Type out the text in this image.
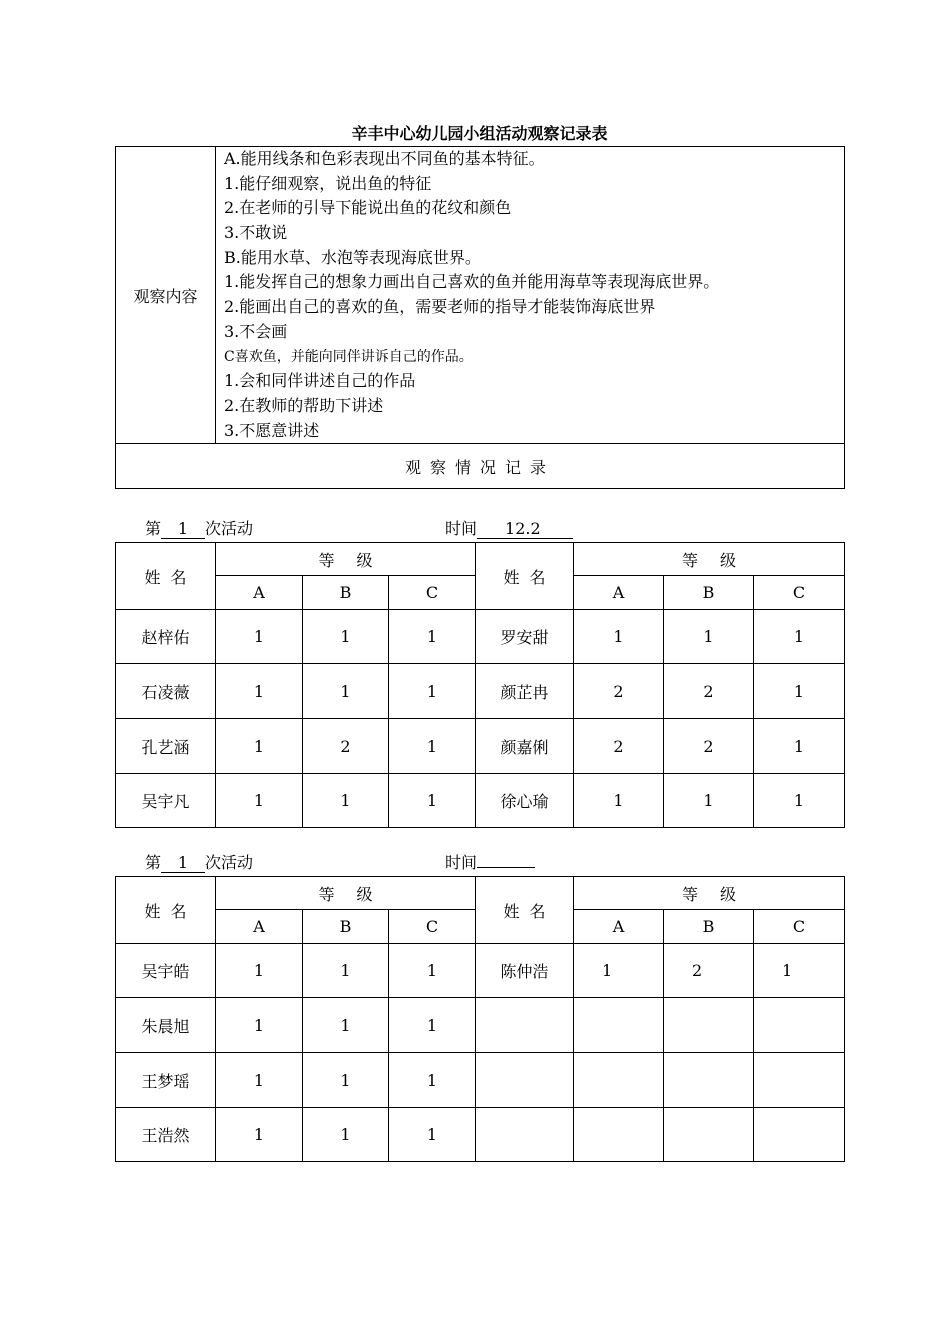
辛丰中心幼儿园小组活动观察记录表
观察内容	
A.能用线条和色彩表现出不同鱼的基本特征。
1.能仔细观察，说出鱼的特征
2.在老师的引导下能说出鱼的花纹和颜色
3.不敢说
B.能用水草、水泡等表现海底世界。
1.能发挥自己的想象力画出自己喜欢的鱼并能用海草等表现海底世界。
2.能画出自己的喜欢的鱼，需要老师的指导才能装饰海底世界
3.不会画
C喜欢鱼，并能向同伴讲诉自己的作品。
1.会和同伴讲述自己的作品
2.在教师的帮助下讲述
3.不愿意讲述

观察情况记录
第 1 次活动	时间 12.2
姓名	等级			姓名	等级		
	A	B	C		A	B	C
赵梓佑	1	1	1	罗安甜	1	1	1
石凌薇	1	1	1	颜芷冉	2	2	1
孔艺涵	1	2	1	颜嘉俐	2	2	1
吴宇凡	1	1	1	徐心瑜	1	1	1
第 1 次活动	时间
姓名	等级			姓名	等级		
	A	B	C		A	B	C
吴宇皓	1	1	1	陈仲浩	1	2	1
朱晨旭	1	1	1				
王梦瑶	1	1	1				
王浩然	1	1	1				
